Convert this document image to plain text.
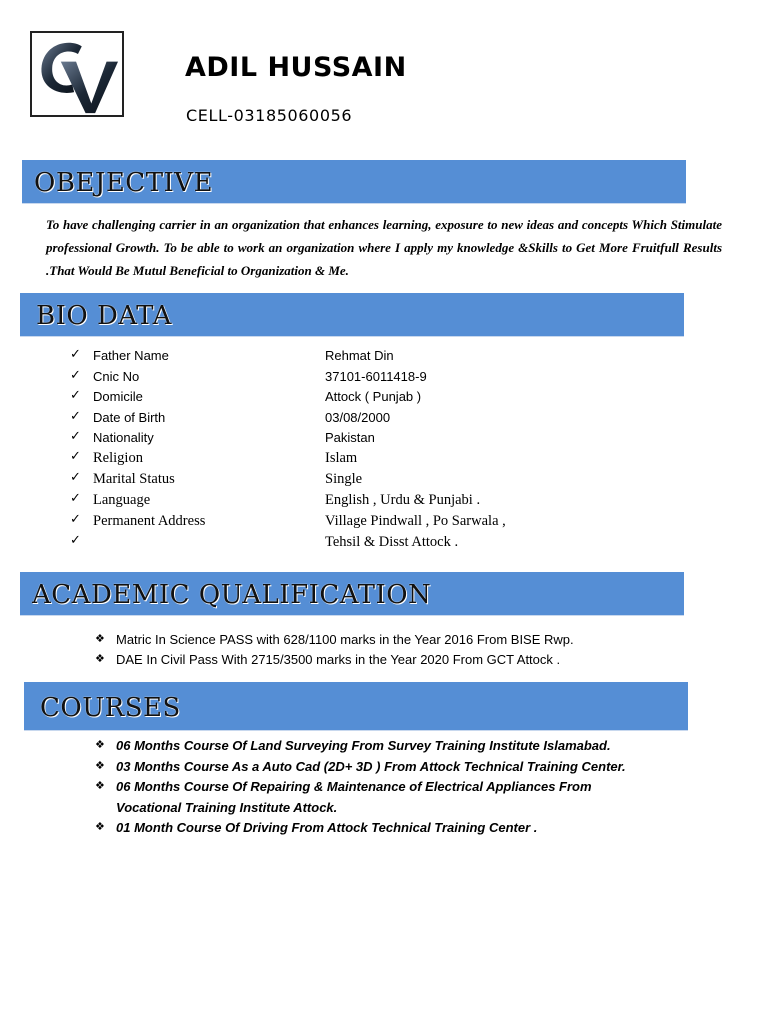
ADIL HUSSAIN
CELL-03185060056
OBEJECTIVE
To have challenging carrier in an organization that enhances learning, exposure to new ideas and concepts Which Stimulate professional Growth. To be able to work an organization where I apply my knowledge &Skills to Get More Fruitfull Results .That Would Be Mutul Beneficial to Organization & Me.
BIO DATA
✓ Father Name	Rehmat Din
✓ Cnic No	37101-6011418-9
✓ Domicile	Attock ( Punjab )
✓ Date of Birth	03/08/2000
✓ Nationality	Pakistan
✓ Religion	Islam
✓ Marital Status	Single
✓ Language	English , Urdu & Punjabi .
✓ Permanent Address	Village Pindwall , Po Sarwala ,
✓	Tehsil & Disst Attock .
ACADEMIC QUALIFICATION
❖ Matric In Science PASS with 628/1100 marks in the Year 2016 From BISE Rwp.
❖ DAE In Civil Pass With 2715/3500 marks in the Year 2020 From GCT Attock .
COURSES
❖ 06 Months Course Of Land Surveying From Survey Training Institute Islamabad.
❖ 03 Months Course As a Auto Cad (2D+ 3D ) From Attock Technical Training Center.
❖ 06 Months Course Of Repairing & Maintenance of Electrical Appliances From
Vocational Training Institute Attock.
❖ 01 Month Course Of Driving From Attock Technical Training Center .
